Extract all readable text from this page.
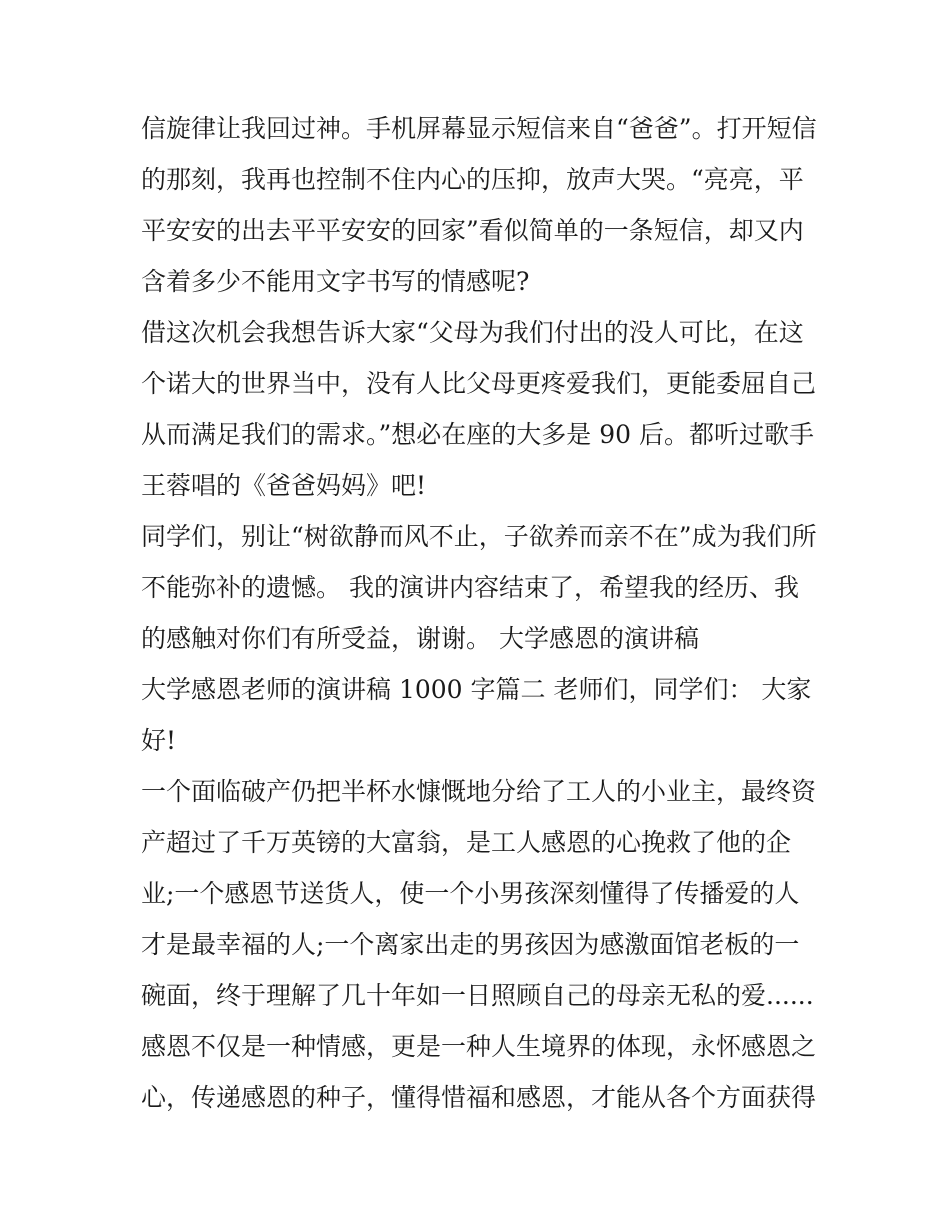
信旋律让我回过神。手机屏幕显示短信来自“爸爸”。打开短信
的那刻，我再也控制不住内心的压抑，放声大哭。“亮亮，平
平安安的出去平平安安的回家”看似简单的一条短信，却又内
含着多少不能用文字书写的情感呢?
借这次机会我想告诉大家“父母为我们付出的没人可比，在这
个诺大的世界当中，没有人比父母更疼爱我们，更能委屈自己
从而满足我们的需求。”想必在座的大多是 90 后。都听过歌手
王蓉唱的《爸爸妈妈》吧!
同学们，别让“树欲静而风不止，子欲养而亲不在”成为我们所
不能弥补的遗憾。 我的演讲内容结束了，希望我的经历、我
的感触对你们有所受益，谢谢。 大学感恩的演讲稿
大学感恩老师的演讲稿 1000 字篇二 老师们，同学们： 大家
好!
一个面临破产仍把半杯水慷慨地分给了工人的小业主，最终资
产超过了千万英镑的大富翁，是工人感恩的心挽救了他的企
业;一个感恩节送货人，使一个小男孩深刻懂得了传播爱的人
才是最幸福的人;一个离家出走的男孩因为感激面馆老板的一
碗面，终于理解了几十年如一日照顾自己的母亲无私的爱......
感恩不仅是一种情感，更是一种人生境界的体现，永怀感恩之
心，传递感恩的种子，懂得惜福和感恩，才能从各个方面获得
